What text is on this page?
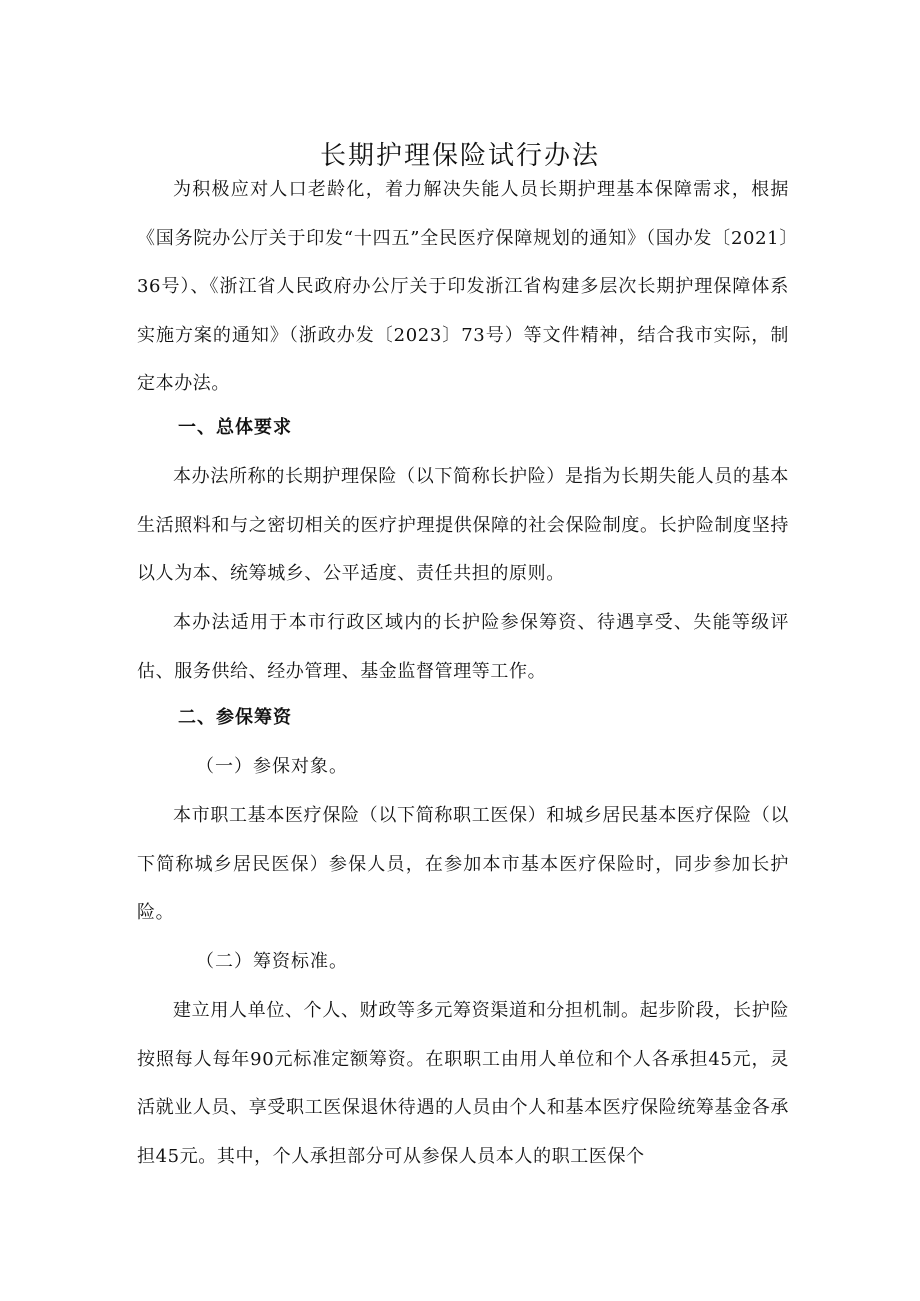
长期护理保险试行办法

为积极应对人口老龄化，着力解决失能人员长期护理基本保障需求，根据《国务院办公厅关于印发“十四五”全民医疗保障规划的通知》（国办发〔2021〕36号）、《浙江省人民政府办公厅关于印发浙江省构建多层次长期护理保障体系实施方案的通知》（浙政办发〔2023〕73号）等文件精神，结合我市实际，制定本办法。

一、总体要求

本办法所称的长期护理保险（以下简称长护险）是指为长期失能人员的基本生活照料和与之密切相关的医疗护理提供保障的社会保险制度。长护险制度坚持以人为本、统筹城乡、公平适度、责任共担的原则。

本办法适用于本市行政区域内的长护险参保筹资、待遇享受、失能等级评估、服务供给、经办管理、基金监督管理等工作。

二、参保筹资

（一）参保对象。

本市职工基本医疗保险（以下简称职工医保）和城乡居民基本医疗保险（以下简称城乡居民医保）参保人员，在参加本市基本医疗保险时，同步参加长护险。

（二）筹资标准。

建立用人单位、个人、财政等多元筹资渠道和分担机制。起步阶段，长护险按照每人每年90元标准定额筹资。在职职工由用人单位和个人各承担45元，灵活就业人员、享受职工医保退休待遇的人员由个人和基本医疗保险统筹基金各承担45元。其中，个人承担部分可从参保人员本人的职工医保个
